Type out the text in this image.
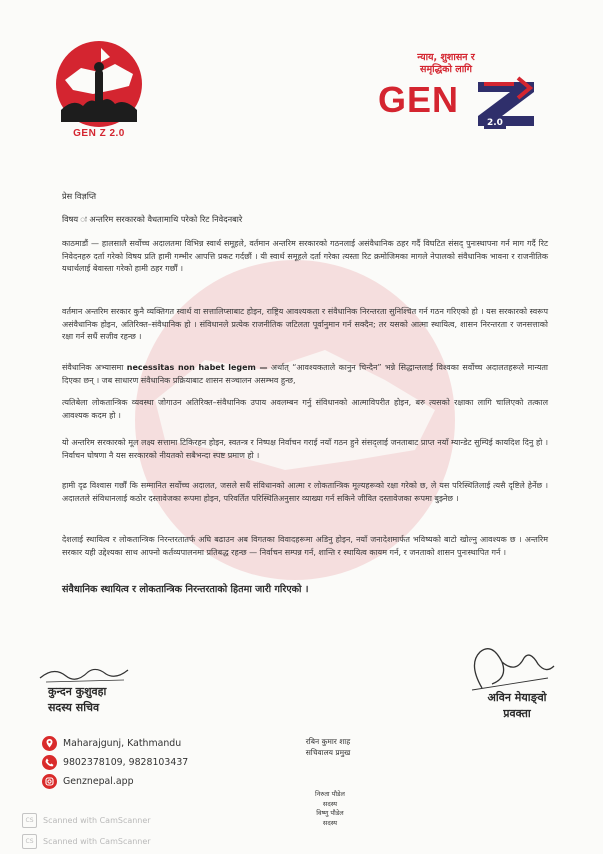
GEN Z 2.0
न्याय, शुशासन र
समृद्धिको लागि
GEN
2.0
प्रेस विज्ञप्ति
विषय ः अन्तरिम सरकारको वैधतामाथि परेको रिट निवेदनबारे
काठमाडौं — हालसालै सर्वोच्च अदालतमा विभिन्न स्वार्थ समूहले, वर्तमान अन्तरिम सरकारको गठनलाई असंवैधानिक ठहर गर्दै विघटित संसद् पुनःस्थापना गर्न माग गर्दै रिट निवेदनहरु दर्ता गरेको विषय प्रति हामी गम्भीर आपत्ति प्रकट गर्दछौं । यी स्वार्थ समूहले दर्ता गरेका त्यस्ता रिट क्रमोजिमका मागले नेपालको संवैधानिक भावना र राजनीतिक यथार्थलाई बेवास्ता गरेको हामी ठहर गर्छौं ।
वर्तमान अन्तरिम सरकार कुनै व्यक्तिगत स्वार्थ वा सत्तालिप्साबाट होइन, राष्ट्रिय आवश्यकता र संवैधानिक निरन्तरता सुनिश्चित गर्न गठन गरिएको हो । यस सरकारको स्वरूप असंवैधानिक होइन, अतिरिक्त–संवैधानिक हो । संविधानले प्रत्येक राजनीतिक जटिलता पूर्वानुमान गर्न सक्दैन; तर यसको आत्मा स्थायित्व, शासन निरन्तरता र जनसत्ताको रक्षा गर्न सधैं सजीव रहन्छ ।
संवैधानिक अभ्यासमा necessitas non habet legem — अर्थात् “आवश्यकताले कानुन चिन्दैन” भन्ने सिद्धान्तलाई विश्वका सर्वोच्च अदालतहरूले मान्यता दिएका छन् । जब साधारण संवैधानिक प्रक्रियाबाट शासन सञ्चालन असम्भव हुन्छ,
त्यतिबेला लोकतान्त्रिक व्यवस्था जोगाउन अतिरिक्त–संवैधानिक उपाय अवलम्बन गर्नु संविधानको आत्माविपरीत होइन, बरु त्यसको रक्षाका लागि चालिएको तत्काल आवश्यक कदम हो ।
यो अन्तरिम सरकारको मूल लक्ष्य सत्तामा टिकिरहन होइन, स्वतन्त्र र निष्पक्ष निर्वाचन गराई नयाँ गठन हुने संसद्लाई जनताबाट प्राप्त नयाँ म्यान्डेट सुम्पिई कायदिश दिनु हो । निर्वाचन घोषणा नै यस सरकारको नीयतको सबैभन्दा स्पष्ट प्रमाण हो ।
हामी दृढ विश्वास गर्छौं कि सम्मानित सर्वोच्च अदालत, जसले सधैं संविधानको आत्मा र लोकतान्त्रिक मूल्यहरूको रक्षा गरेको छ, ले यस परिस्थितिलाई त्यसै दृष्टिले हेर्नेछ । अदालतले संविधानलाई कठोर दस्तावेजका रूपमा होइन, परिवर्तित परिस्थितिअनुसार व्याख्या गर्न सकिने जीवित दस्तावेजका रूपमा बुझ्नेछ ।
देशलाई स्थायित्व र लोकतान्त्रिक निरन्तरतातर्फ अघि बढाउन अब विगतका विवादहरूमा अडिनु होइन, नयाँ जनादेशमार्फत भविष्यको बाटो खोल्नु आवश्यक छ । अन्तरिम सरकार यही उद्देश्यका साथ आफ्नो कर्तव्यपालनमा प्रतिबद्ध रहन्छ — निर्वाचन सम्पन्न गर्न, शान्ति र स्थायित्व कायम गर्न, र जनताको शासन पुनःस्थापित गर्न ।
संवैधानिक स्थायित्व र लोकतान्त्रिक निरन्तरताको हितमा जारी गरिएको ।
कुन्दन कुशुवहा
सदस्य सचिव
अविन मेयाङ्वो
प्रवक्ता
रबिन कुमार शाह
सचिवालय प्रमुख
निरुता पौडेल
सदस्य
विष्णु पौडेल
सदस्य
Maharajgunj, Kathmandu
9802378109, 9828103437
Genznepal.app
CS	Scanned with CamScanner
CS	Scanned with CamScanner
